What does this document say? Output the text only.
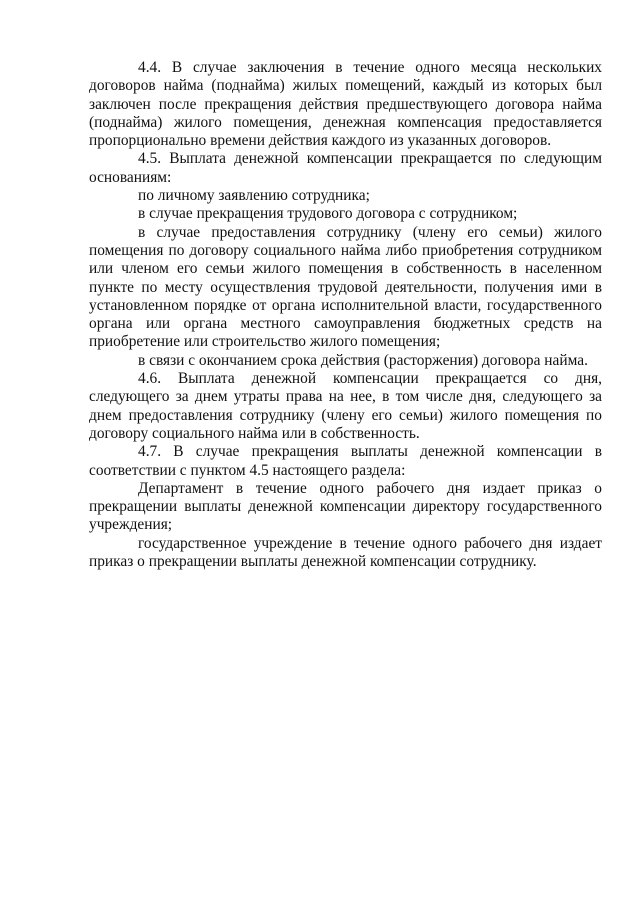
4.4. В случае заключения в течение одного месяца нескольких договоров найма (поднайма) жилых помещений, каждый из которых был заключен после прекращения действия предшествующего договора найма (поднайма) жилого помещения, денежная компенсация предоставляется пропорционально времени действия каждого из указанных договоров.

4.5. Выплата денежной компенсации прекращается по следующим основаниям:

по личному заявлению сотрудника;

в случае прекращения трудового договора с сотрудником;

в случае предоставления сотруднику (члену его семьи) жилого помещения по договору социального найма либо приобретения сотрудником или членом его семьи жилого помещения в собственность в населенном пункте по месту осуществления трудовой деятельности, получения ими в установленном порядке от органа исполнительной власти, государственного органа или органа местного самоуправления бюджетных средств на приобретение или строительство жилого помещения;

в связи с окончанием срока действия (расторжения) договора найма.

4.6. Выплата денежной компенсации прекращается со дня, следующего за днем утраты права на нее, в том числе дня, следующего за днем предоставления сотруднику (члену его семьи) жилого помещения по договору социального найма или в собственность.

4.7. В случае прекращения выплаты денежной компенсации в соответствии с пунктом 4.5 настоящего раздела:

Департамент в течение одного рабочего дня издает приказ о прекращении выплаты денежной компенсации директору государственного учреждения;

государственное учреждение в течение одного рабочего дня издает приказ о прекращении выплаты денежной компенсации сотруднику.
